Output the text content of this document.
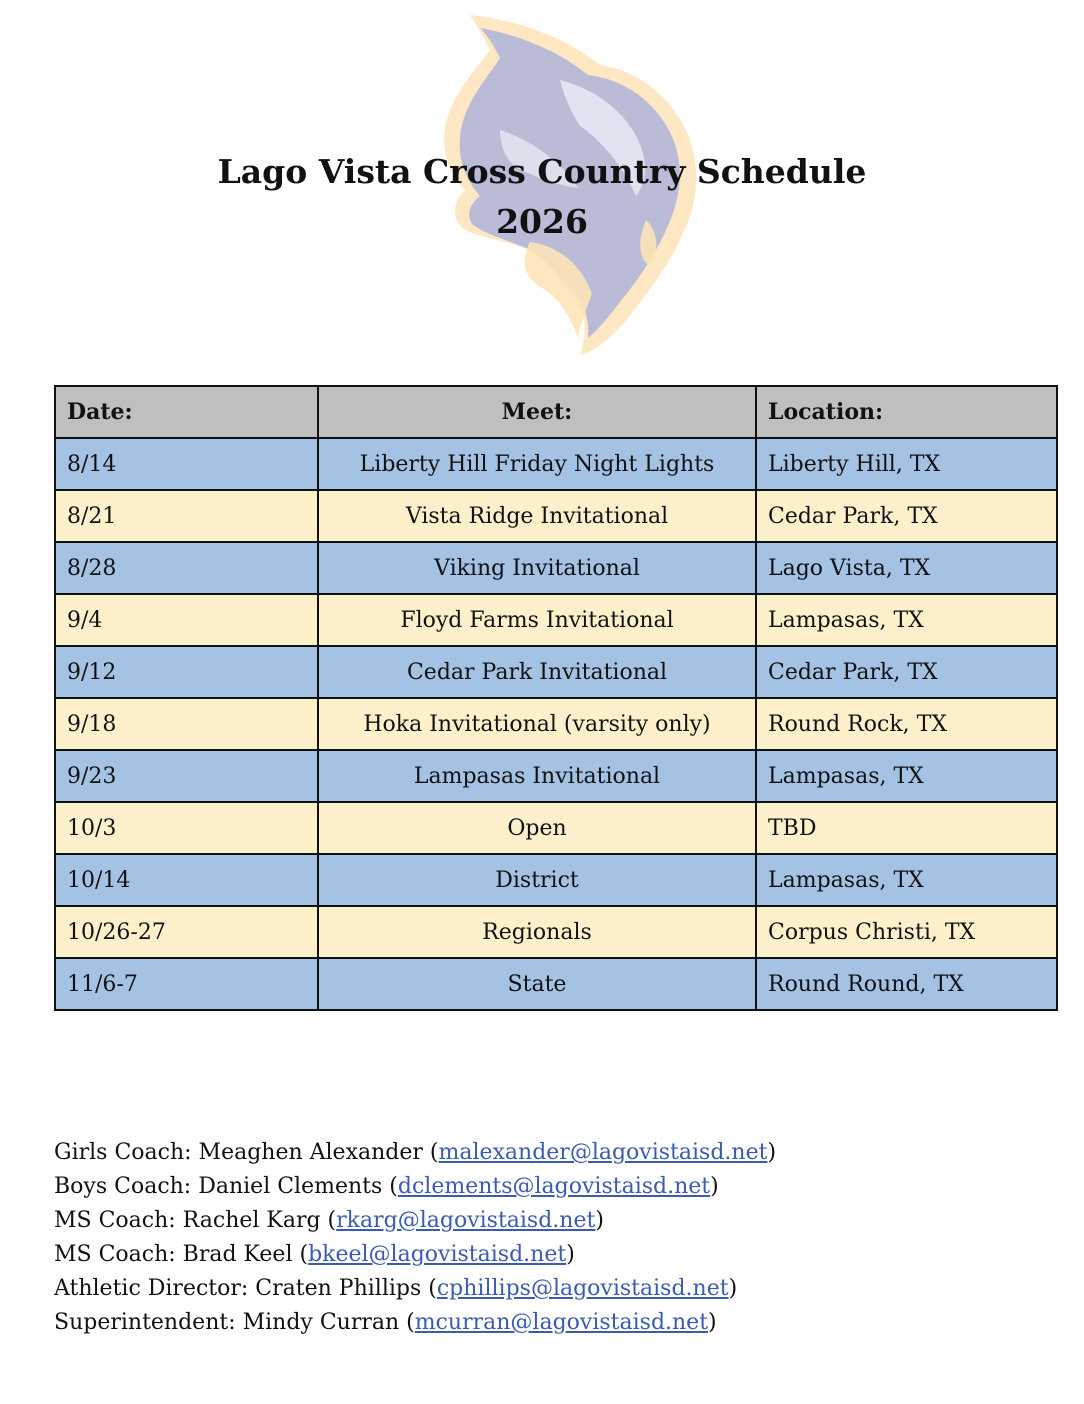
Lago Vista Cross Country Schedule
2026
Date:	Meet:	Location:
8/14	Liberty Hill Friday Night Lights	Liberty Hill, TX
8/21	Vista Ridge Invitational	Cedar Park, TX
8/28	Viking Invitational	Lago Vista, TX
9/4	Floyd Farms Invitational	Lampasas, TX
9/12	Cedar Park Invitational	Cedar Park, TX
9/18	Hoka Invitational (varsity only)	Round Rock, TX
9/23	Lampasas Invitational	Lampasas, TX
10/3	Open	TBD
10/14	District	Lampasas, TX
10/26-27	Regionals	Corpus Christi, TX
11/6-7	State	Round Round, TX
Girls Coach: Meaghen Alexander (malexander@lagovistaisd.net)
Boys Coach: Daniel Clements (dclements@lagovistaisd.net)
MS Coach: Rachel Karg (rkarg@lagovistaisd.net)
MS Coach: Brad Keel (bkeel@lagovistaisd.net)
Athletic Director: Craten Phillips (cphillips@lagovistaisd.net)
Superintendent: Mindy Curran (mcurran@lagovistaisd.net)
